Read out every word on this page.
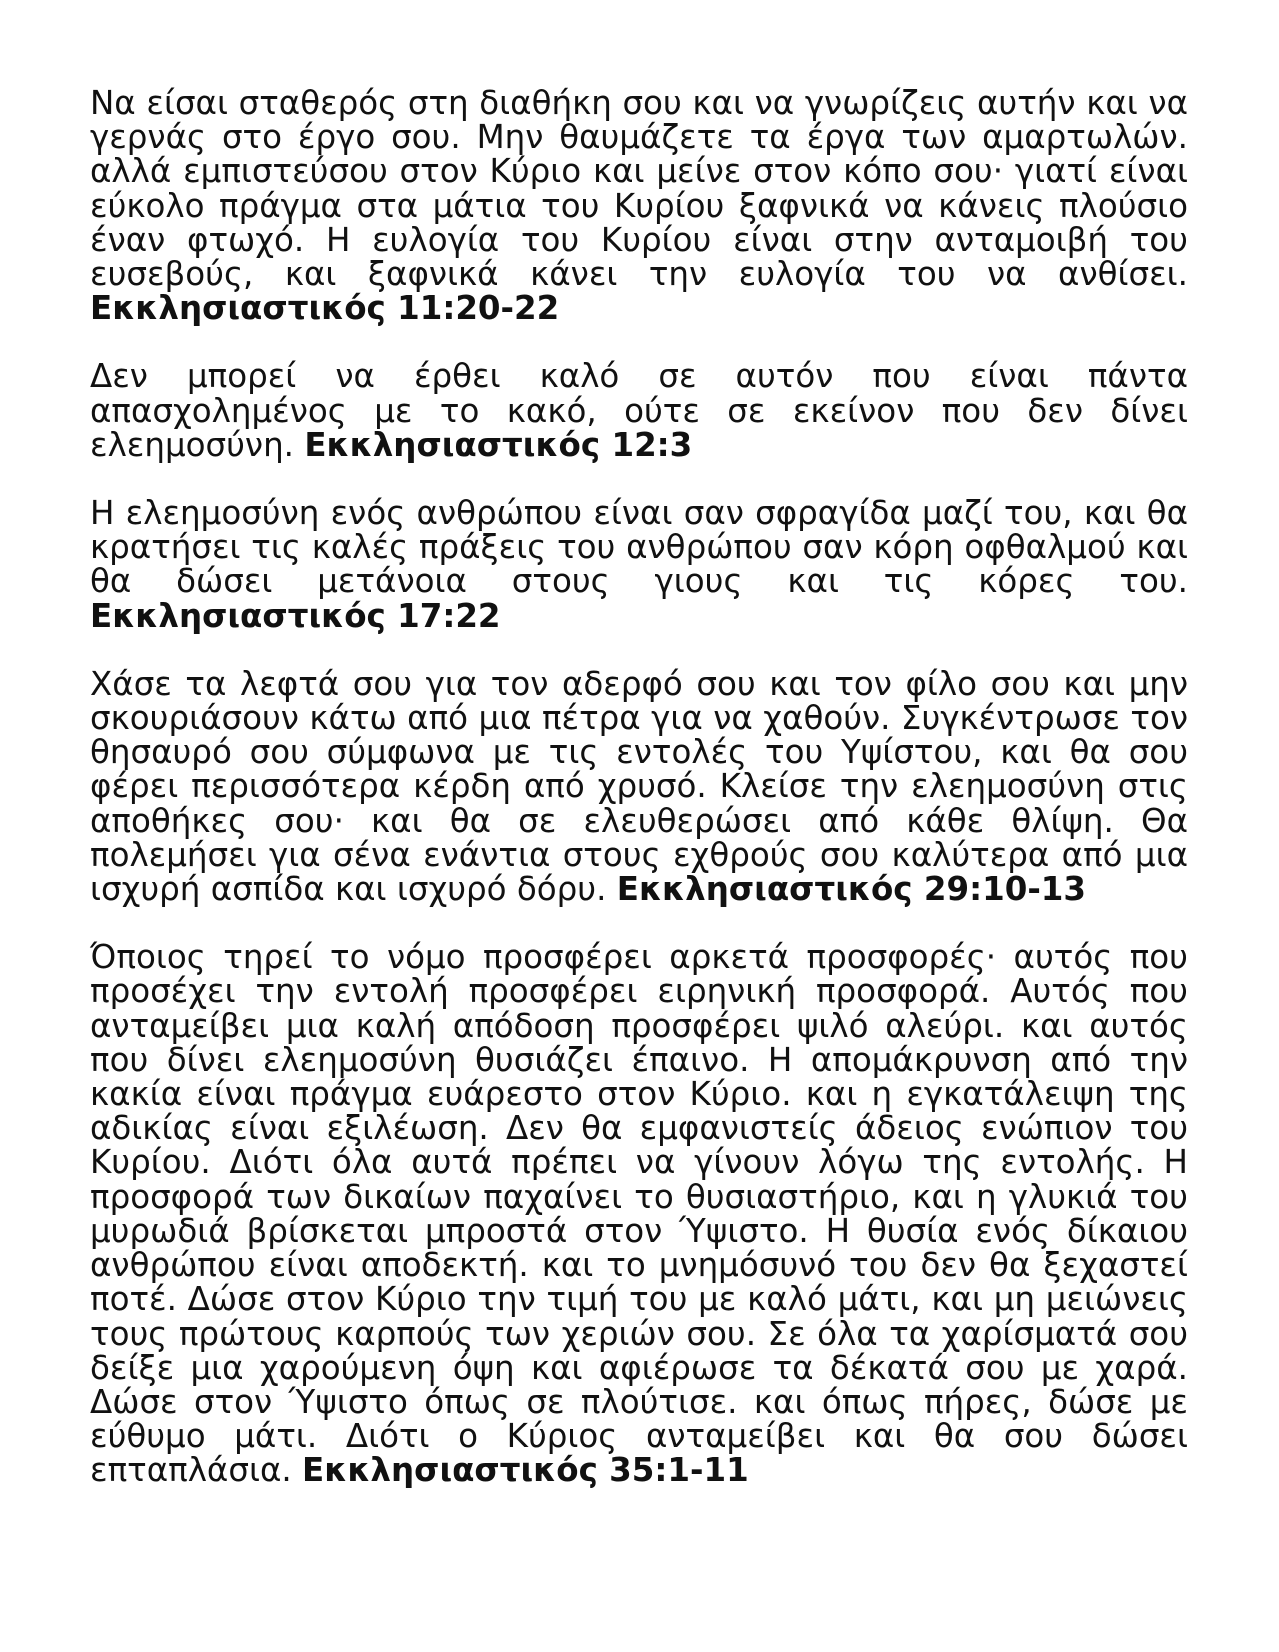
Να είσαι σταθερός στη διαθήκη σου και να γνωρίζεις αυτήν και να γερνάς στο έργο σου. Μην θαυμάζετε τα έργα των αμαρτωλών. αλλά εμπιστεύσου στον Κύριο και μείνε στον κόπο σου· γιατί είναι εύκολο πράγμα στα μάτια του Κυρίου ξαφνικά να κάνεις πλούσιο έναν φτωχό. Η ευλογία του Κυρίου είναι στην ανταμοιβή του ευσεβούς, και ξαφνικά κάνει την ευλογία του να ανθίσει. Εκκλησιαστικός 11:20-22

Δεν μπορεί να έρθει καλό σε αυτόν που είναι πάντα απασχολημένος με το κακό, ούτε σε εκείνον που δεν δίνει ελεημοσύνη. Εκκλησιαστικός 12:3

Η ελεημοσύνη ενός ανθρώπου είναι σαν σφραγίδα μαζί του, και θα κρατήσει τις καλές πράξεις του ανθρώπου σαν κόρη οφθαλμού και θα δώσει μετάνοια στους γιους και τις κόρες του. Εκκλησιαστικός 17:22

Χάσε τα λεφτά σου για τον αδερφό σου και τον φίλο σου και μην σκουριάσουν κάτω από μια πέτρα για να χαθούν. Συγκέντρωσε τον θησαυρό σου σύμφωνα με τις εντολές του Υψίστου, και θα σου φέρει περισσότερα κέρδη από χρυσό. Κλείσε την ελεημοσύνη στις αποθήκες σου· και θα σε ελευθερώσει από κάθε θλίψη. Θα πολεμήσει για σένα ενάντια στους εχθρούς σου καλύτερα από μια ισχυρή ασπίδα και ισχυρό δόρυ. Εκκλησιαστικός 29:10-13

Όποιος τηρεί το νόμο προσφέρει αρκετά προσφορές· αυτός που προσέχει την εντολή προσφέρει ειρηνική προσφορά. Αυτός που ανταμείβει μια καλή απόδοση προσφέρει ψιλό αλεύρι. και αυτός που δίνει ελεημοσύνη θυσιάζει έπαινο. Η απομάκρυνση από την κακία είναι πράγμα ευάρεστο στον Κύριο. και η εγκατάλειψη της αδικίας είναι εξιλέωση. Δεν θα εμφανιστείς άδειος ενώπιον του Κυρίου. Διότι όλα αυτά πρέπει να γίνουν λόγω της εντολής. Η προσφορά των δικαίων παχαίνει το θυσιαστήριο, και η γλυκιά του μυρωδιά βρίσκεται μπροστά στον Ύψιστο. Η θυσία ενός δίκαιου ανθρώπου είναι αποδεκτή. και το μνημόσυνό του δεν θα ξεχαστεί ποτέ. Δώσε στον Κύριο την τιμή του με καλό μάτι, και μη μειώνεις τους πρώτους καρπούς των χεριών σου. Σε όλα τα χαρίσματά σου δείξε μια χαρούμενη όψη και αφιέρωσε τα δέκατά σου με χαρά. Δώσε στον Ύψιστο όπως σε πλούτισε. και όπως πήρες, δώσε με εύθυμο μάτι. Διότι ο Κύριος ανταμείβει και θα σου δώσει επταπλάσια. Εκκλησιαστικός 35:1-11
